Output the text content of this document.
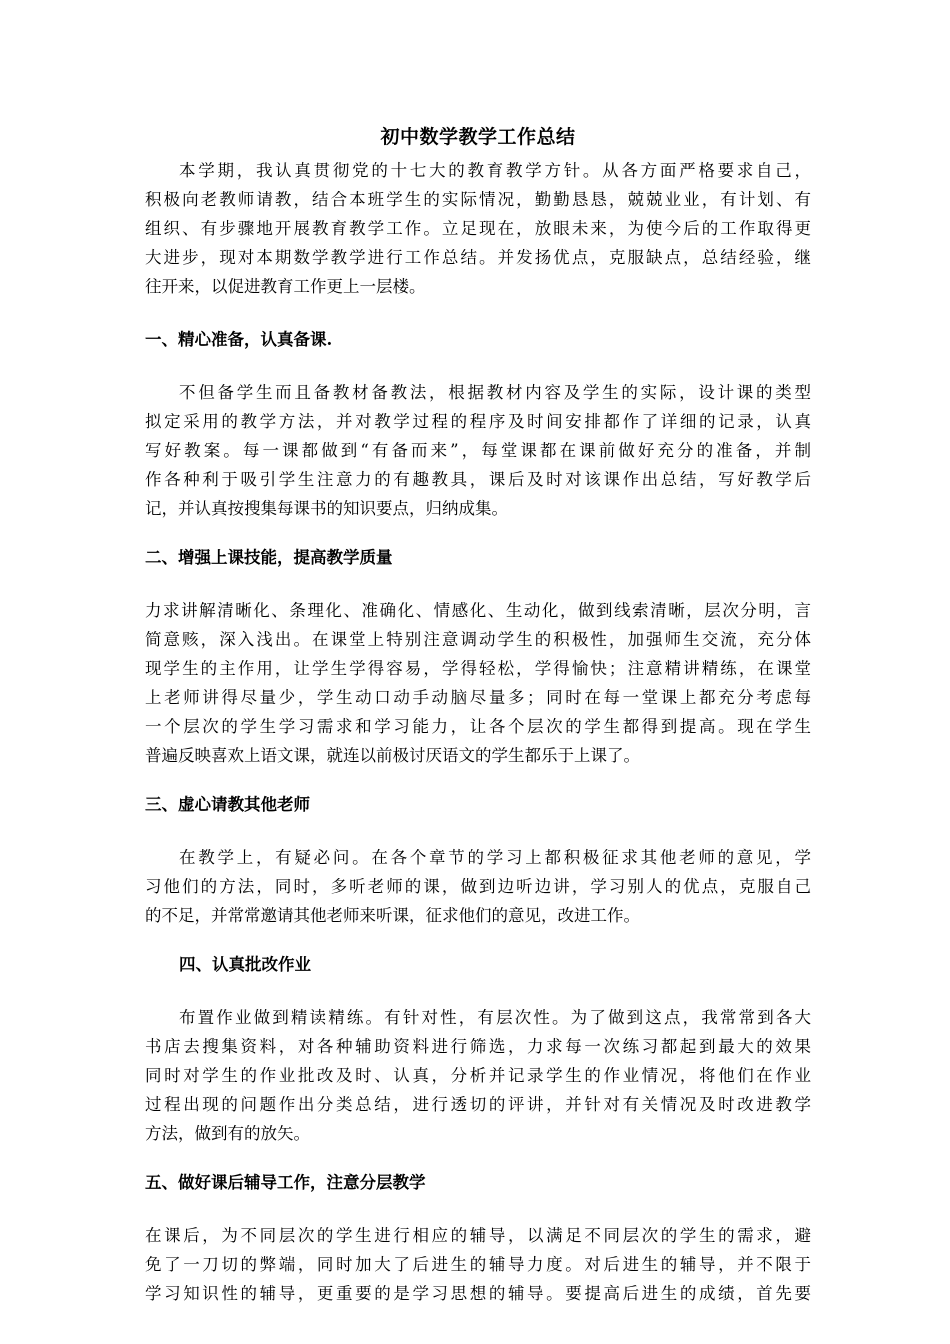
初中数学教学工作总结
本学期，我认真贯彻党的十七大的教育教学方针。从各方面严格要求自己，
积极向老教师请教，结合本班学生的实际情况，勤勤恳恳，兢兢业业，有计划、有
组织、有步骤地开展教育教学工作。立足现在，放眼未来，为使今后的工作取得更
大进步，现对本期数学教学进行工作总结。并发扬优点，克服缺点，总结经验，继
往开来，以促进教育工作更上一层楼。
一、精心准备，认真备课.
不但备学生而且备教材备教法，根据教材内容及学生的实际，设计课的类型
拟定采用的教学方法，并对教学过程的程序及时间安排都作了详细的记录，认真
写好教案。每一课都做到“有备而来”，每堂课都在课前做好充分的准备，并制
作各种利于吸引学生注意力的有趣教具，课后及时对该课作出总结，写好教学后
记，并认真按搜集每课书的知识要点，归纳成集。
二、增强上课技能，提高教学质量
力求讲解清晰化、条理化、准确化、情感化、生动化，做到线索清晰，层次分明，言
简意赅，深入浅出。在课堂上特别注意调动学生的积极性，加强师生交流，充分体
现学生的主作用，让学生学得容易，学得轻松，学得愉快；注意精讲精练，在课堂
上老师讲得尽量少，学生动口动手动脑尽量多；同时在每一堂课上都充分考虑每
一个层次的学生学习需求和学习能力，让各个层次的学生都得到提高。现在学生
普遍反映喜欢上语文课，就连以前极讨厌语文的学生都乐于上课了。
三、虚心请教其他老师
在教学上，有疑必问。在各个章节的学习上都积极征求其他老师的意见，学
习他们的方法，同时，多听老师的课，做到边听边讲，学习别人的优点，克服自己
的不足，并常常邀请其他老师来听课，征求他们的意见，改进工作。
四、认真批改作业
布置作业做到精读精练。有针对性，有层次性。为了做到这点，我常常到各大
书店去搜集资料，对各种辅助资料进行筛选，力求每一次练习都起到最大的效果
同时对学生的作业批改及时、认真，分析并记录学生的作业情况，将他们在作业
过程出现的问题作出分类总结，进行透切的评讲，并针对有关情况及时改进教学
方法，做到有的放矢。
五、做好课后辅导工作，注意分层教学
在课后，为不同层次的学生进行相应的辅导，以满足不同层次的学生的需求，避
免了一刀切的弊端，同时加大了后进生的辅导力度。对后进生的辅导，并不限于
学习知识性的辅导，更重要的是学习思想的辅导。要提高后进生的成绩，首先要
